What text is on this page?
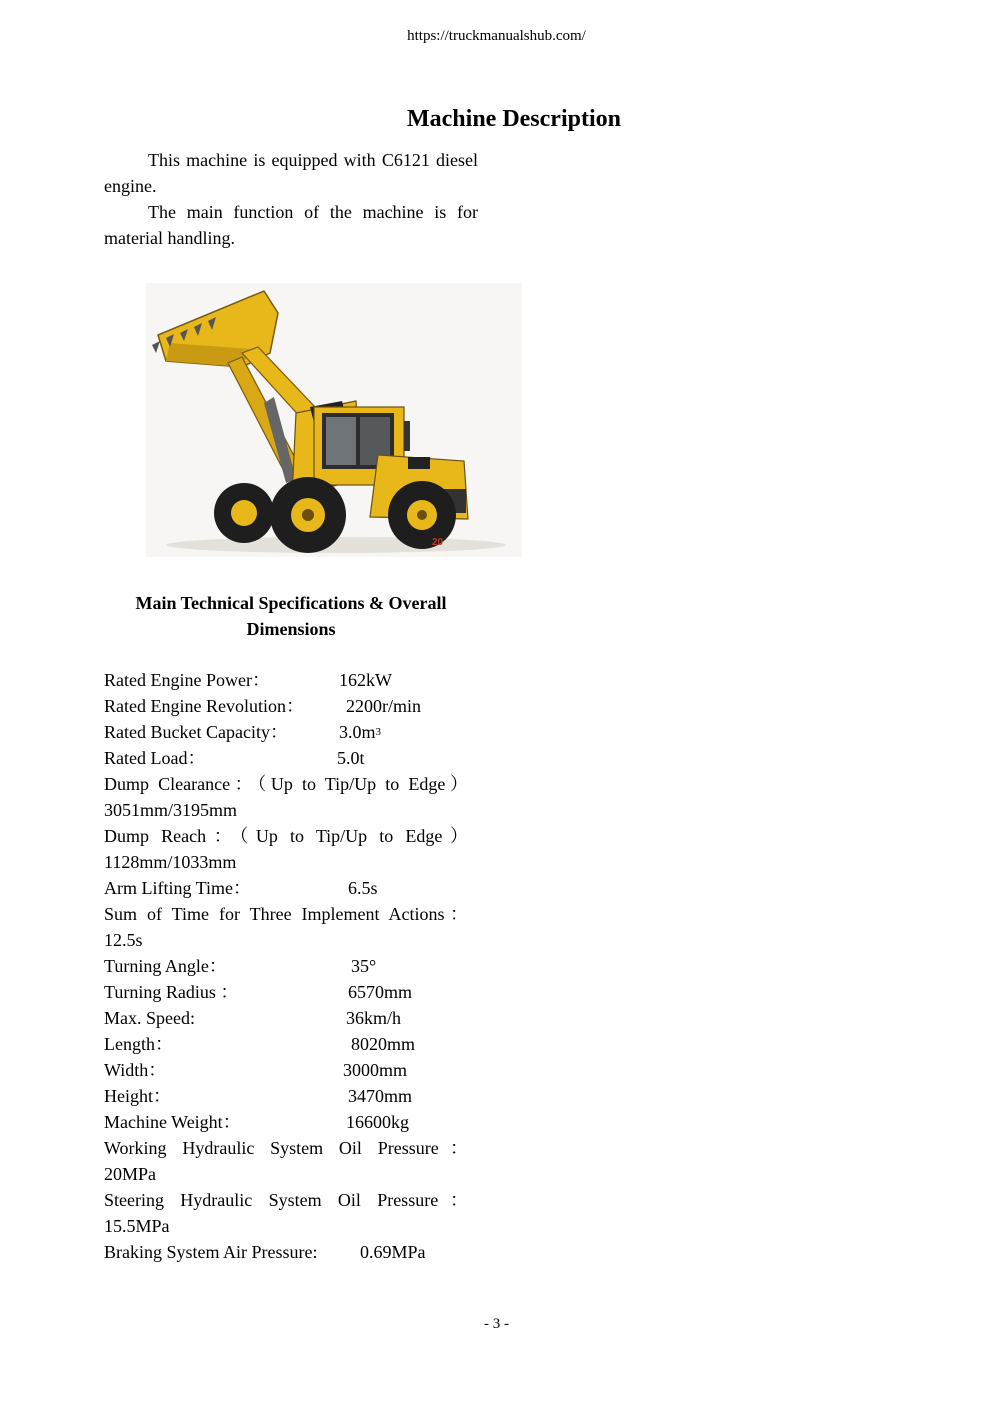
https://truckmanualshub.com/
Machine Description

This machine is equipped with C6121 diesel engine.

The main function of the machine is for material handling.

20
Main Technical Specifications & Overall Dimensions
Rated Engine Power：	162kW
Rated Engine Revolution： 2200r/min
Rated Bucket Capacity：	$3.0m^3$
Rated Load：	5.0t
Dump Clearance：（Up to Tip/Up to Edge）
3051mm/3195mm
Dump Reach：（Up to Tip/Up to Edge）
1128mm/1033mm
Arm Lifting Time：	6.5s
Sum of Time for Three Implement Actions：
12.5s
Turning Angle：	35°
Turning Radius ：	6570mm
Max. Speed:	36km/h
Length：	8020mm
Width：	3000mm
Height：	3470mm
Machine Weight：	16600kg
Working Hydraulic System Oil Pressure：
20MPa
Steering Hydraulic System Oil Pressure：
15.5MPa
Braking System Air Pressure: 0.69MPa
- 3 -
